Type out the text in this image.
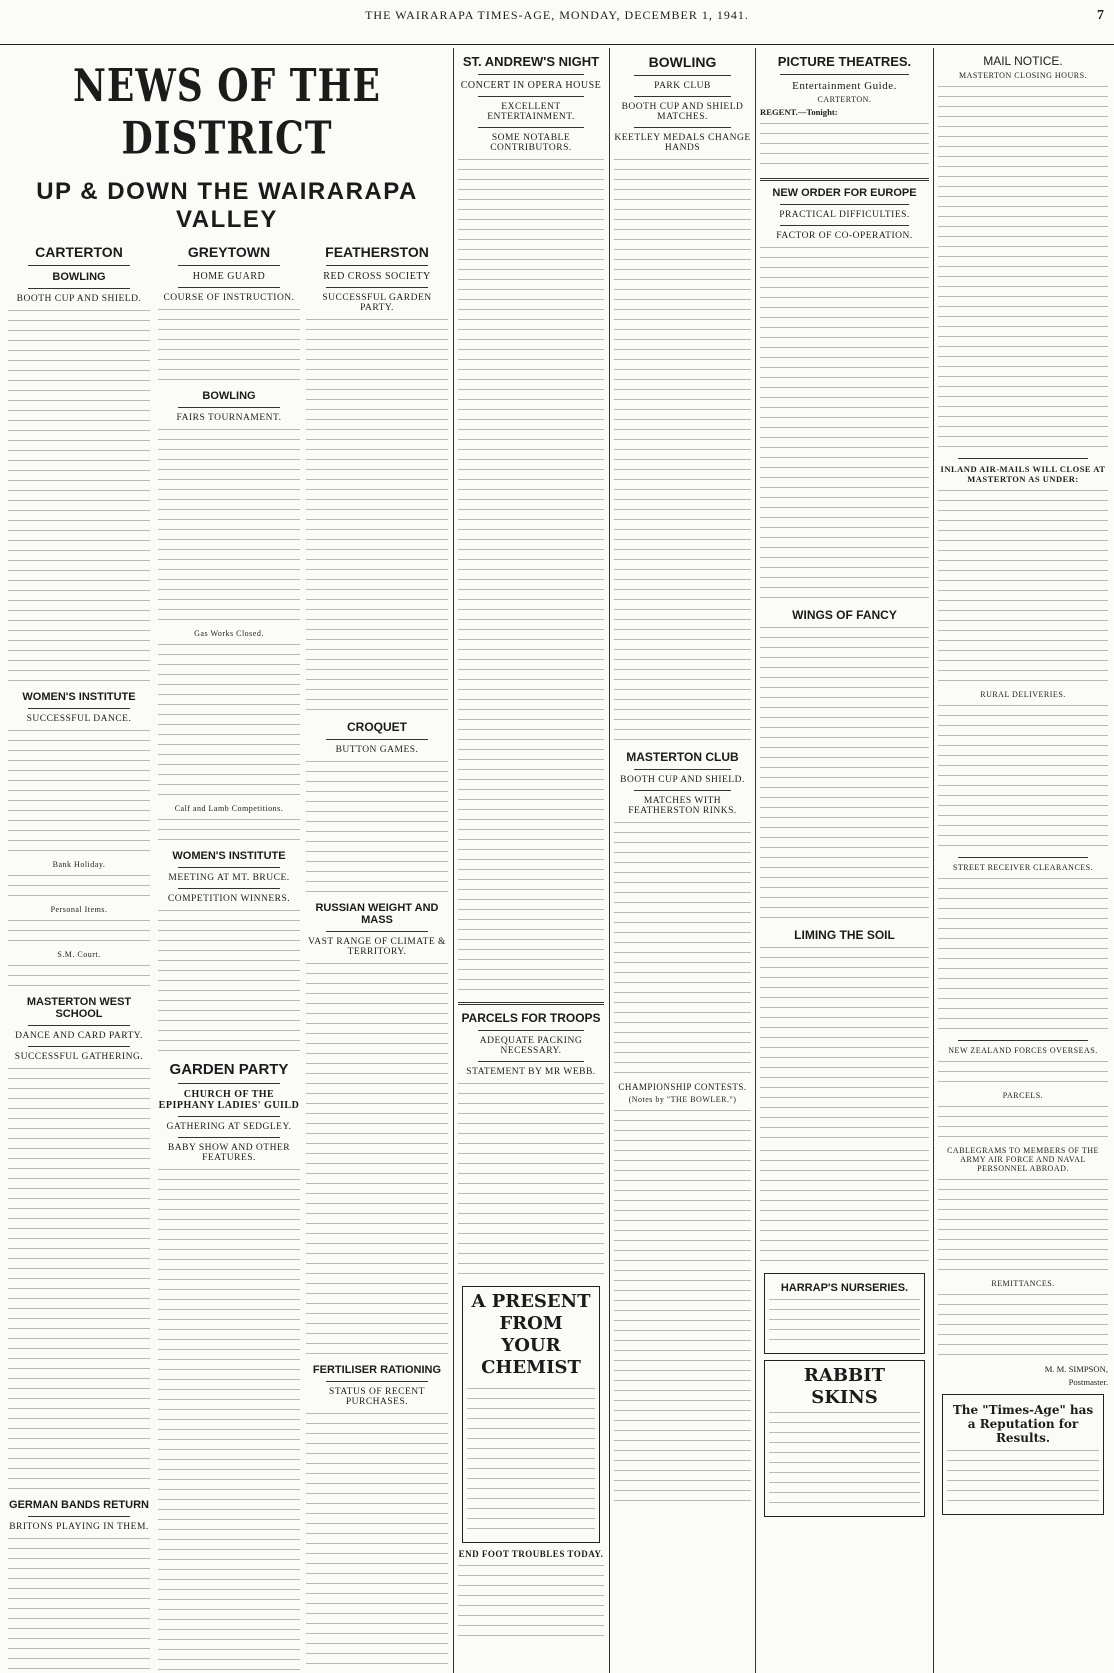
THE WAIRARAPA TIMES-AGE, MONDAY, DECEMBER 1, 1941.	7
NEWS OF THE DISTRICT
UP & DOWN THE WAIRARAPA VALLEY
CARTERTON
BOWLING
BOOTH CUP AND SHIELD.

WOMEN'S INSTITUTE
SUCCESSFUL DANCE.

Bank Holiday.

Personal Items.

S.M. Court.

MASTERTON WEST SCHOOL
DANCE AND CARD PARTY.
SUCCESSFUL GATHERING.

GERMAN BANDS RETURN
BRITONS PLAYING IN THEM.

GREYTOWN
HOME GUARD
COURSE OF INSTRUCTION.

BOWLING
FAIRS TOURNAMENT.

Gas Works Closed.

Calf and Lamb Competitions.

WOMEN'S INSTITUTE
MEETING AT MT. BRUCE.
COMPETITION WINNERS.

GARDEN PARTY
CHURCH OF THE EPIPHANY LADIES' GUILD
GATHERING AT SEDGLEY.
BABY SHOW AND OTHER FEATURES.

FEATHERSTON
RED CROSS SOCIETY
SUCCESSFUL GARDEN PARTY.

CROQUET
BUTTON GAMES.

RUSSIAN WEIGHT AND MASS
VAST RANGE OF CLIMATE & TERRITORY.

FERTILISER RATIONING
STATUS OF RECENT PURCHASES.

ST. ANDREW'S NIGHT
CONCERT IN OPERA HOUSE
EXCELLENT ENTERTAINMENT.
SOME NOTABLE CONTRIBUTORS.

PARCELS FOR TROOPS
ADEQUATE PACKING NECESSARY.
STATEMENT BY MR WEBB.

A PRESENT FROM YOUR CHEMIST

END FOOT TROUBLES TODAY.

BOWLING
PARK CLUB
BOOTH CUP AND SHIELD MATCHES.
KEETLEY MEDALS CHANGE HANDS

MASTERTON CLUB
BOOTH CUP AND SHIELD.
MATCHES WITH FEATHERSTON RINKS.

CHAMPIONSHIP CONTESTS.
(Notes by "THE BOWLER.")

PICTURE THEATRES.
Entertainment Guide.
CARTERTON.
REGENT.—Tonight:

NEW ORDER FOR EUROPE
PRACTICAL DIFFICULTIES.
FACTOR OF CO-OPERATION.

WINGS OF FANCY

LIMING THE SOIL

HARRAP'S NURSERIES.

RABBIT SKINS

MAIL NOTICE.
MASTERTON CLOSING HOURS.

INLAND AIR-MAILS WILL CLOSE AT MASTERTON AS UNDER:

RURAL DELIVERIES.

STREET RECEIVER CLEARANCES.

NEW ZEALAND FORCES OVERSEAS.

PARCELS.

CABLEGRAMS TO MEMBERS OF THE ARMY AIR FORCE AND NAVAL PERSONNEL ABROAD.

REMITTANCES.

M. M. SIMPSON,
Postmaster.
The "Times-Age" has a Reputation for Results.
